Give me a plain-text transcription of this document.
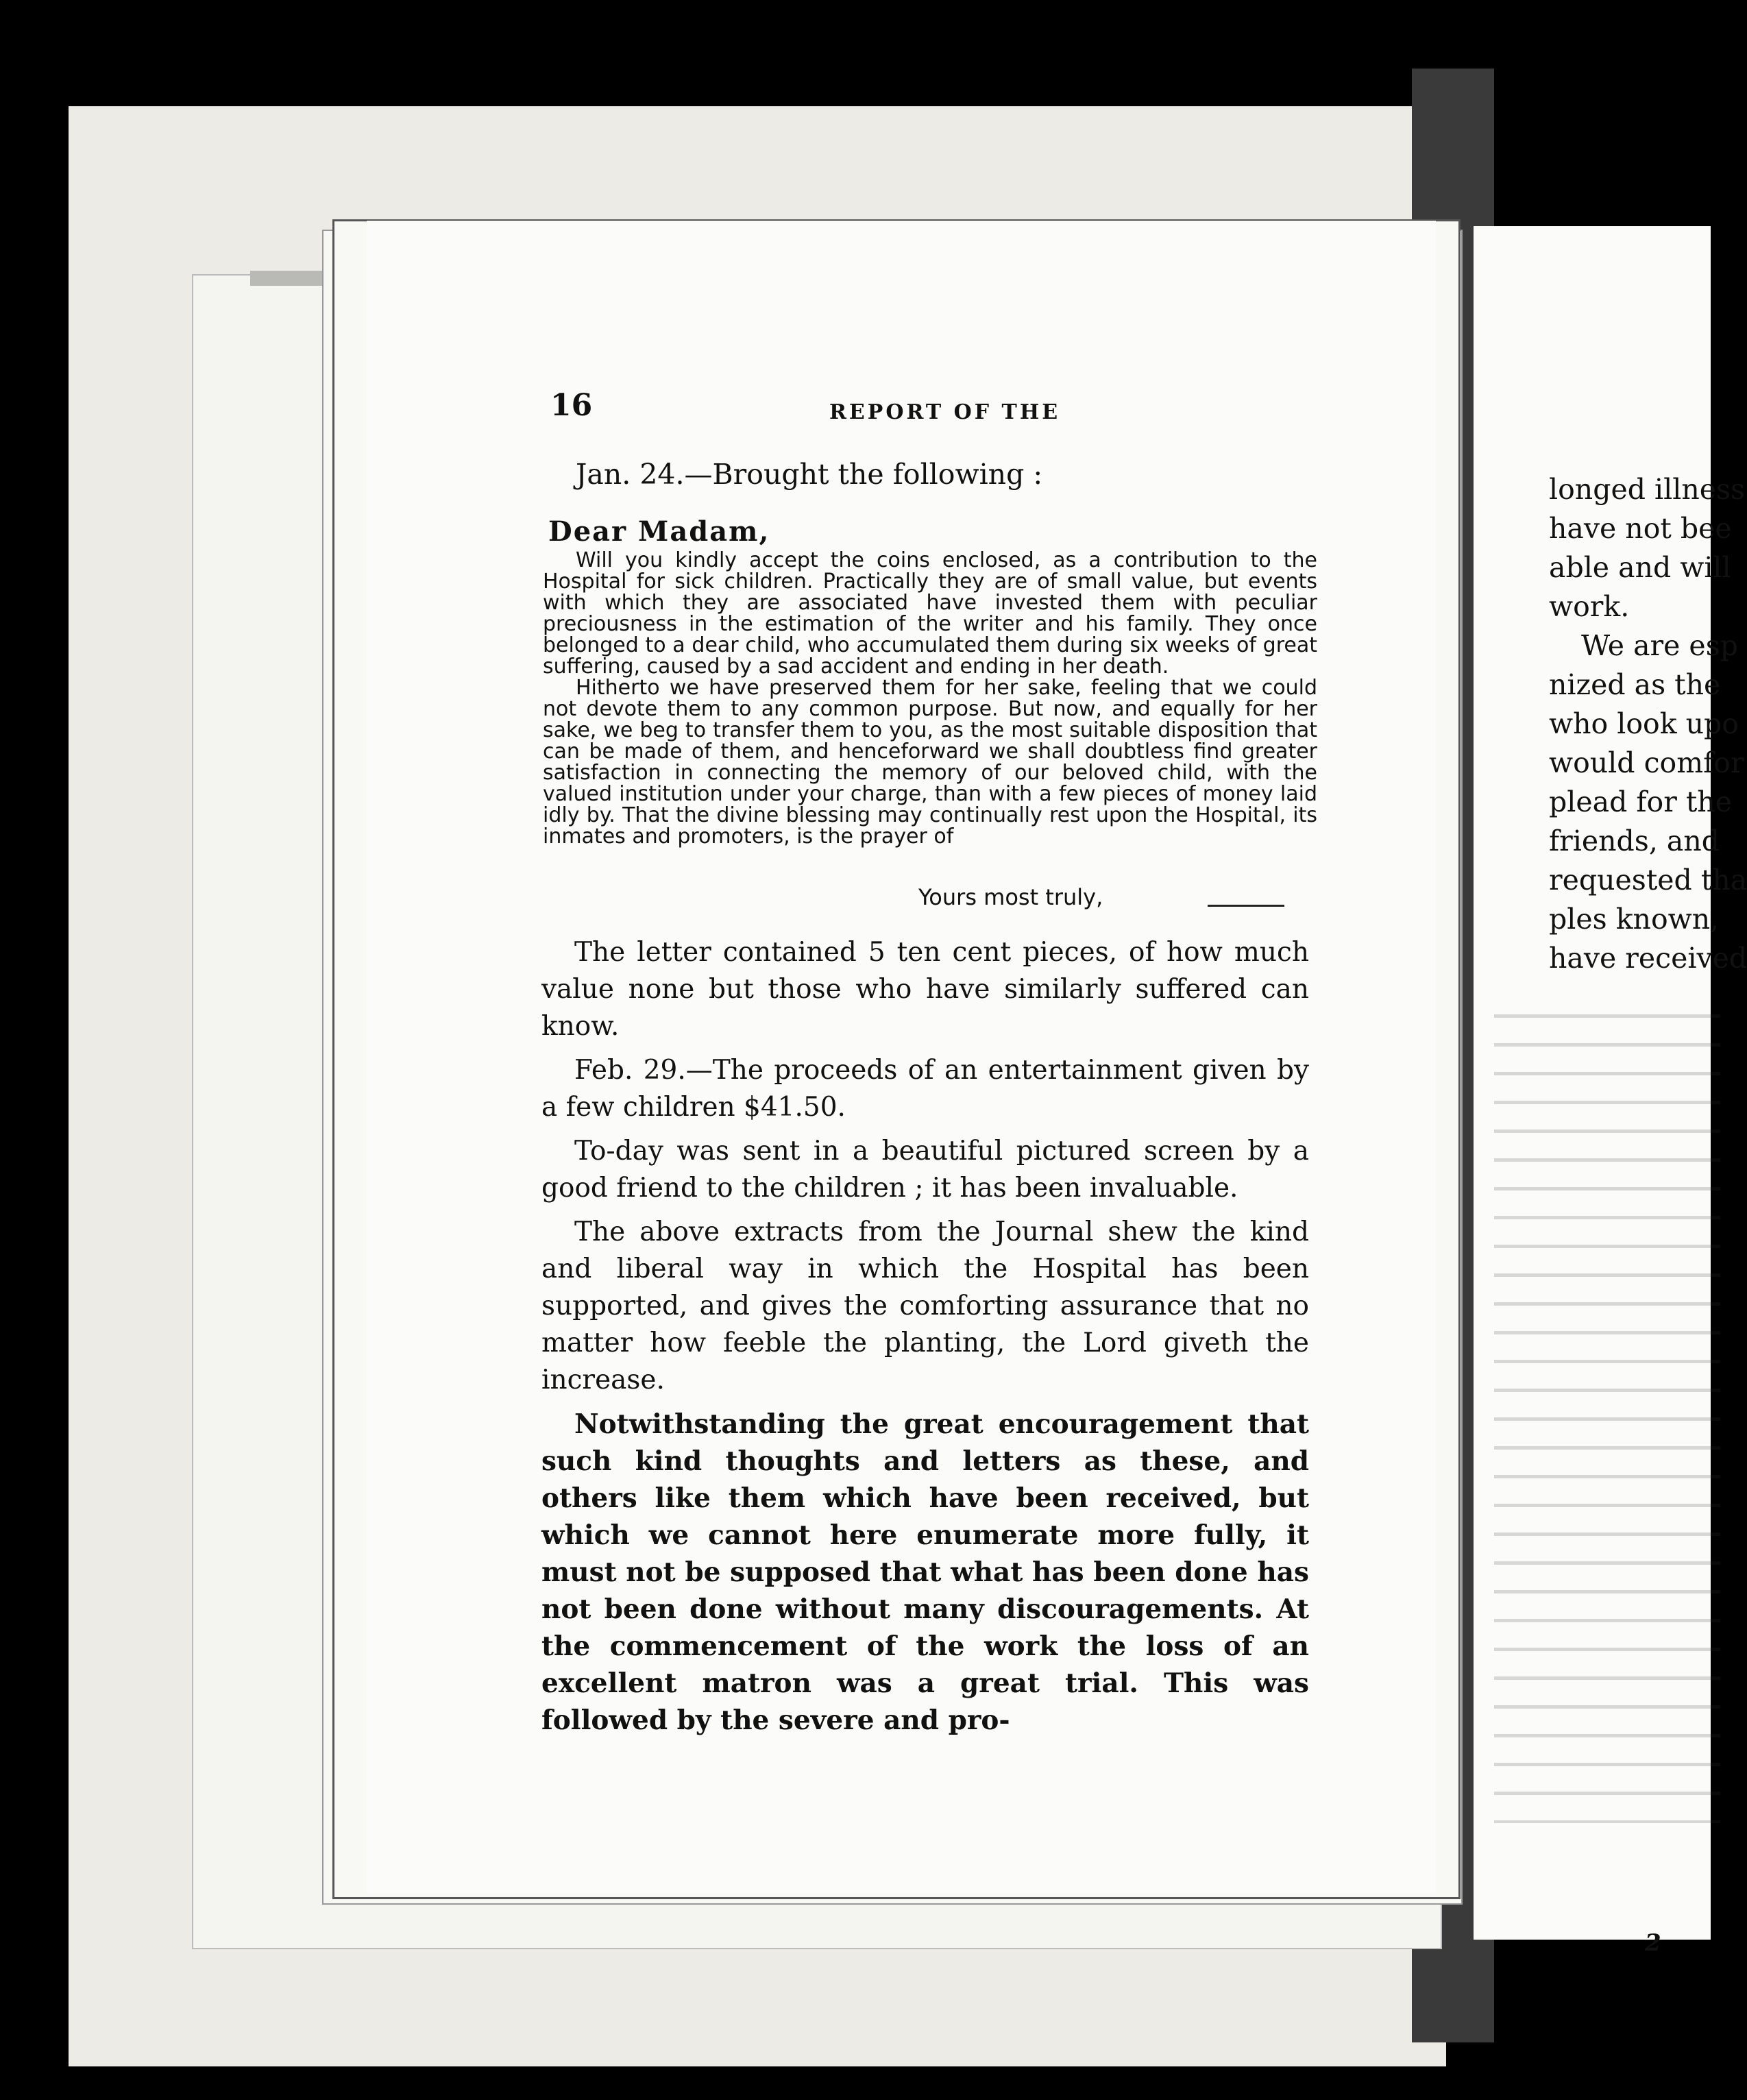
16	REPORT OF THE
Jan. 24.—Brought the following :
Dear Madam,

Will you kindly accept the coins enclosed, as a contribution to the Hospital for sick children. Practically they are of small value, but events with which they are associated have invested them with peculiar preciousness in the estimation of the writer and his family. They once belonged to a dear child, who accumulated them during six weeks of great suffering, caused by a sad accident and ending in her death.

Hitherto we have preserved them for her sake, feeling that we could not devote them to any common purpose. But now, and equally for her sake, we beg to transfer them to you, as the most suitable disposition that can be made of them, and henceforward we shall doubtless find greater satisfaction in connecting the memory of our beloved child, with the valued institution under your charge, than with a few pieces of money laid idly by. That the divine blessing may continually rest upon the Hospital, its inmates and promoters, is the prayer of

Yours most truly,

The letter contained 5 ten cent pieces, of how much value none but those who have similarly suffered can know.

Feb. 29.—The proceeds of an entertainment given by a few children $41.50.

To-day was sent in a beautiful pictured screen by a good friend to the children ; it has been invaluable.

The above extracts from the Journal shew the kind and liberal way in which the Hospital has been supported, and gives the comforting assurance that no matter how feeble the planting, the Lord giveth the increase.

Notwithstanding the great encouragement that such kind thoughts and letters as these, and others like them which have been received, but which we cannot here enumerate more fully, it must not be supposed that what has been done has not been done without many discouragements. At the commencement of the work the loss of an excellent matron was a great trial. This was followed by the severe and pro-

longed illness
have not bee
able and will
work.
We are esp
nized as the
who look upo
would comfor
plead for the
friends, and
requested tha
ples known,
have received
2
